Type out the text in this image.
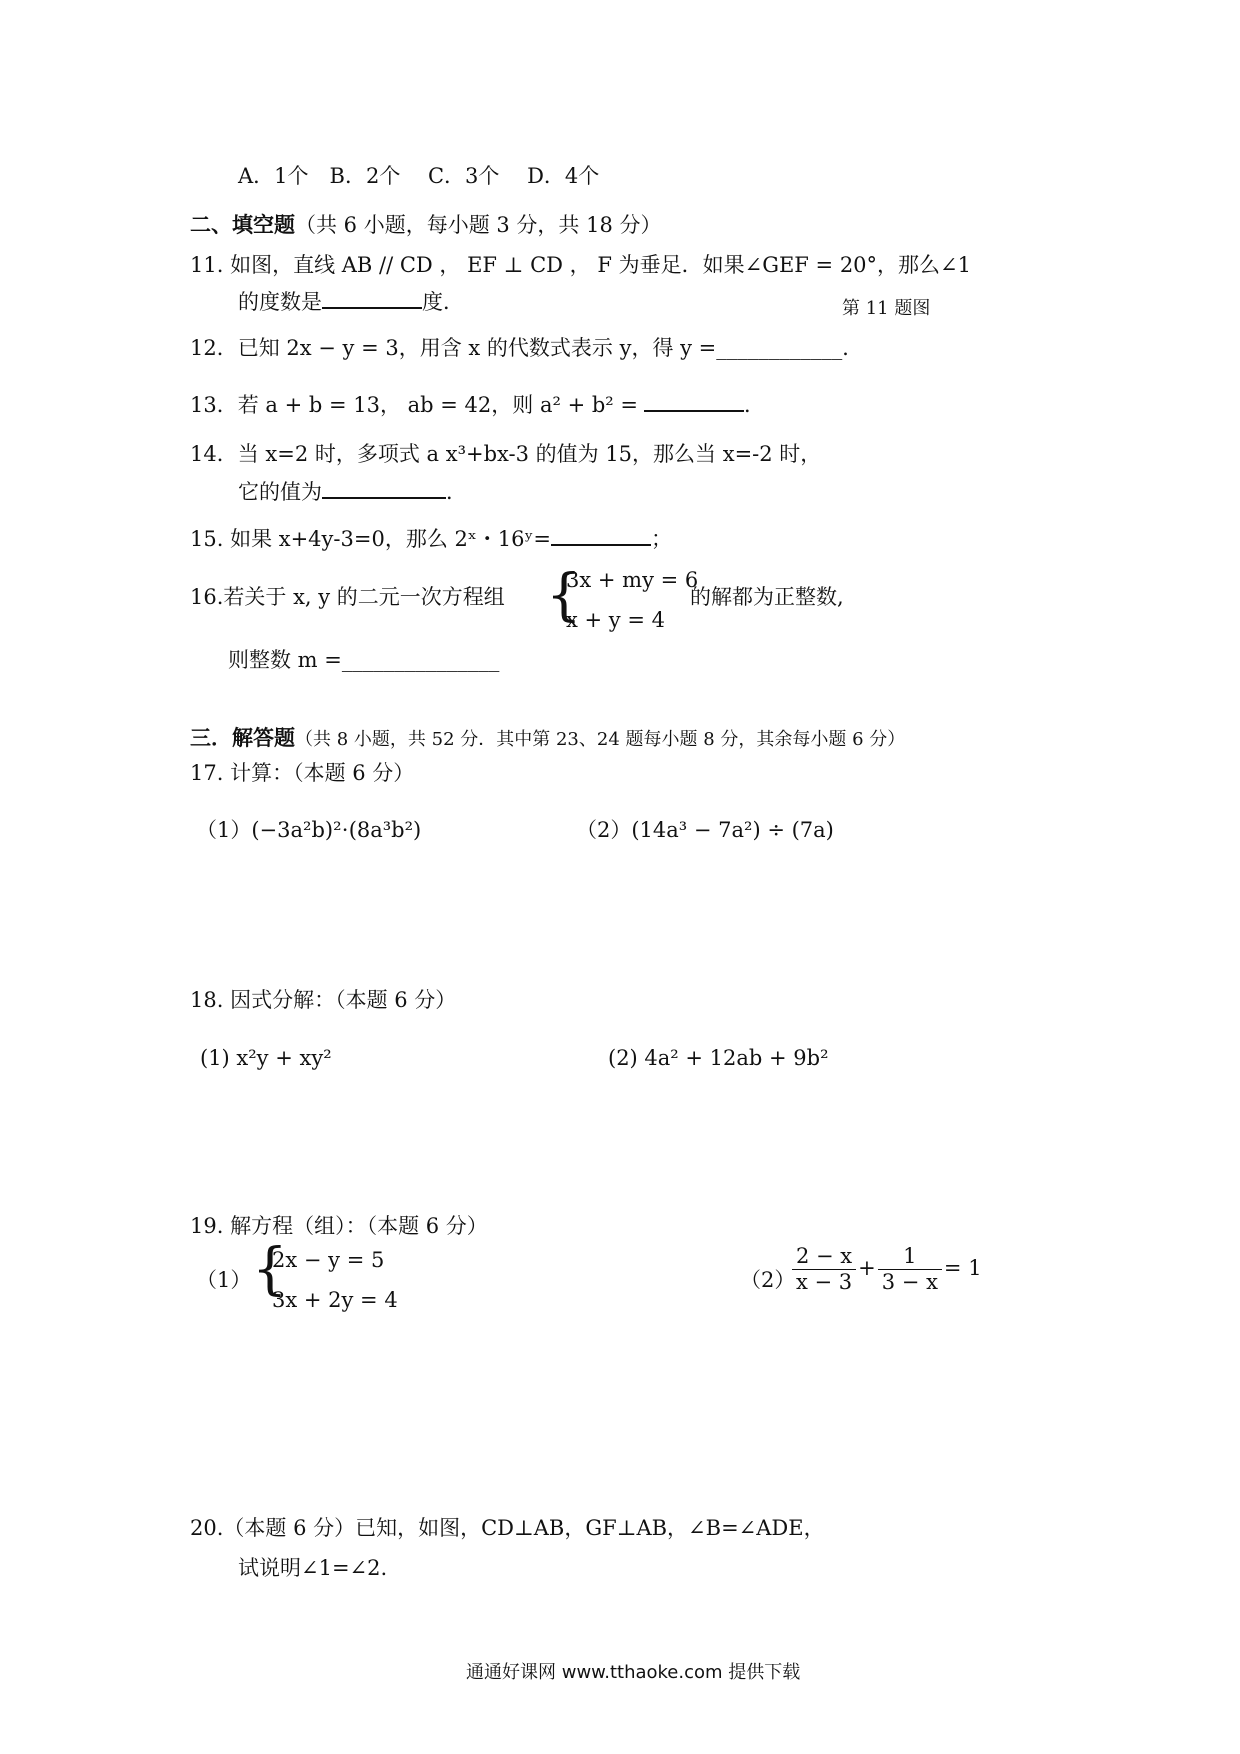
A．1个　B．2个　 C．3个　 D．4个
二、填空题（共 6 小题，每小题 3 分，共 18 分）
11. 如图，直线 AB // CD ， EF ⊥ CD ， F 为垂足．如果∠GEF = 20°，那么∠1
的度数是	度．	第 11 题图
12．已知 2x − y = 3，用含 x 的代数式表示 y，得 y =____________．
13．若 a + b = 13， ab = 42，则 a² + b² =	．
14．当 x=2 时，多项式 a x³+bx-3 的值为 15，那么当 x=-2 时，
它的值为	．
15. 如果 x+4y-3=0，那么 2ˣ・16ʸ=	；
16.若关于 x, y 的二元一次方程组 {
3x + my = 6
x + y = 4
的解都为正整数,
则整数 m =_______________
三．解答题（共 8 小题，共 52 分．其中第 23、24 题每小题 8 分，其余每小题 6 分）
17. 计算：（本题 6 分）
（1）(−3a²b)²⋅(8a³b²)	（2）(14a³ − 7a²) ÷ (7a)
18. 因式分解：（本题 6 分）
(1) x²y + xy²	(2) 4a² + 12ab + 9b²
19. 解方程（组）：（本题 6 分）
（1） {
2x − y = 5
3x + 2y = 4
（2）
$\frac{2 - x}{x - 3} + \frac{1}{3 - x} = 1$
20.（本题 6 分）已知，如图，CD⊥AB，GF⊥AB，∠B=∠ADE，
试说明∠1=∠2.
通通好课网 www.tthaoke.com 提供下载
